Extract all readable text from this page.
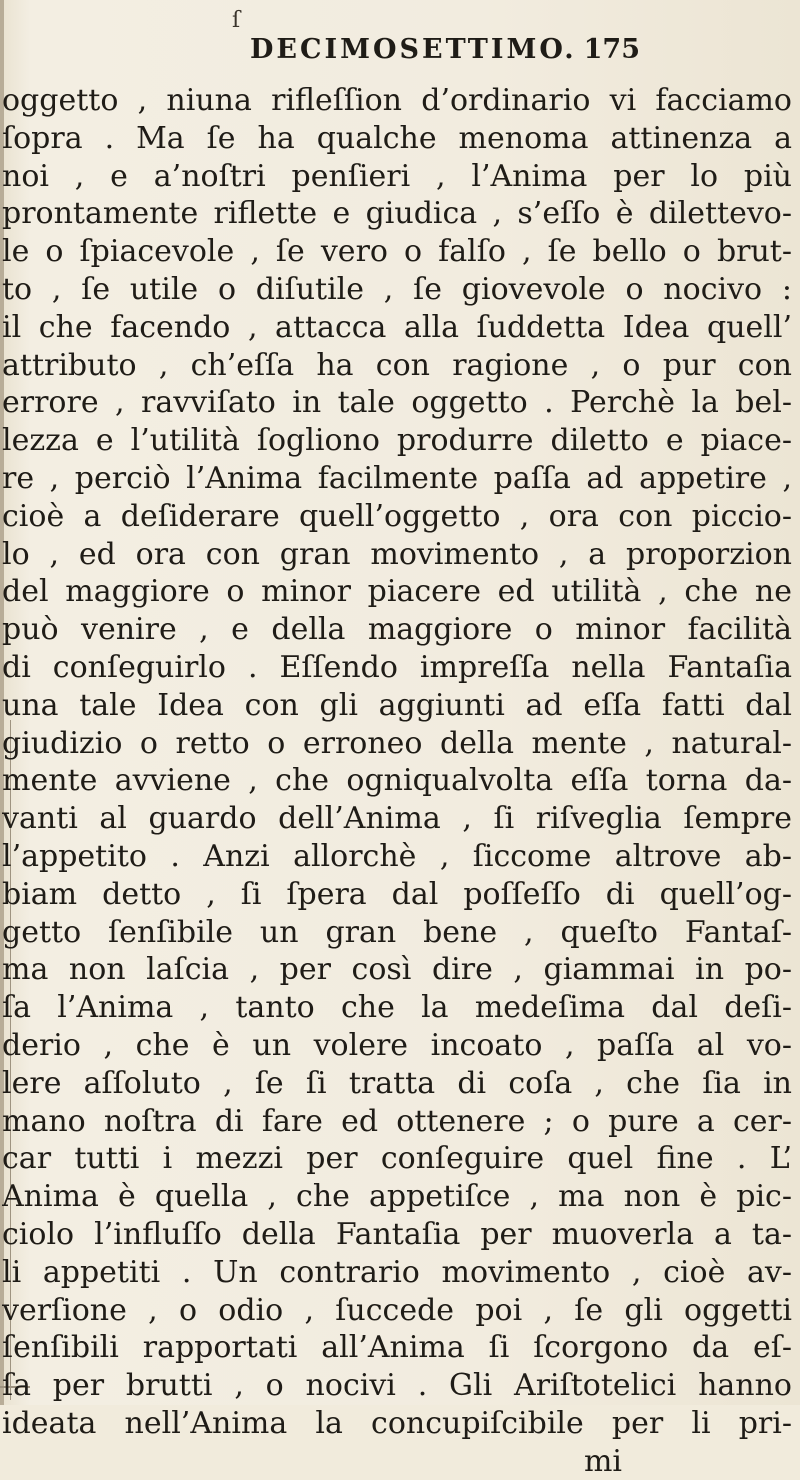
ſ
DECIMOSETTIMO. 175
oggetto , niuna rifleſſion d’ordinario vi facciamo
ſopra . Ma ſe ha qualche menoma attinenza a
noi , e a’noſtri penſieri , l’Anima per lo più
prontamente riflette e giudica , s’eſſo è dilettevo-
le o ſpiacevole , ſe vero o falſo , ſe bello o brut-
to , ſe utile o diſutile , ſe giovevole o nocivo :
il che facendo , attacca alla ſuddetta Idea quell’
attributo , ch’eſſa ha con ragione , o pur con
errore , ravviſato in tale oggetto . Perchè la bel-
lezza e l’utilità ſogliono produrre diletto e piace-
re , perciò l’Anima facilmente paſſa ad appetire ,
cioè a deſiderare quell’oggetto , ora con piccio-
lo , ed ora con gran movimento , a proporzion
del maggiore o minor piacere ed utilità , che ne
può venire , e della maggiore o minor facilità
di conſeguirlo . Eſſendo impreſſa nella Fantaſia
una tale Idea con gli aggiunti ad eſſa fatti dal
giudizio o retto o erroneo della mente , natural-
mente avviene , che ogniqualvolta eſſa torna da-
vanti al guardo dell’Anima , ſi riſveglia ſempre
l’appetito . Anzi allorchè , ſiccome altrove ab-
biam detto , ſi ſpera dal poſſeſſo di quell’og-
getto ſenſibile un gran bene , queſto Fantaſ-
ma non laſcia , per così dire , giammai in po-
ſa l’Anima , tanto che la medeſima dal deſi-
derio , che è un volere incoato , paſſa al vo-
lere aſſoluto , ſe ſi tratta di coſa , che ſia in
mano noſtra di fare ed ottenere ; o pure a cer-
car tutti i mezzi per conſeguire quel fine . L’
Anima è quella , che appetiſce , ma non è pic-
ciolo l’influſſo della Fantaſia per muoverla a ta-
li appetiti . Un contrario movimento , cioè av-
verſione , o odio , ſuccede poi , ſe gli oggetti
ſenſibili rapportati all’Anima ſi ſcorgono da eſ-
ſa per brutti , o nocivi . Gli Ariſtotelici hanno
ideata nell’Anima la concupiſcibile per li pri-
mi
